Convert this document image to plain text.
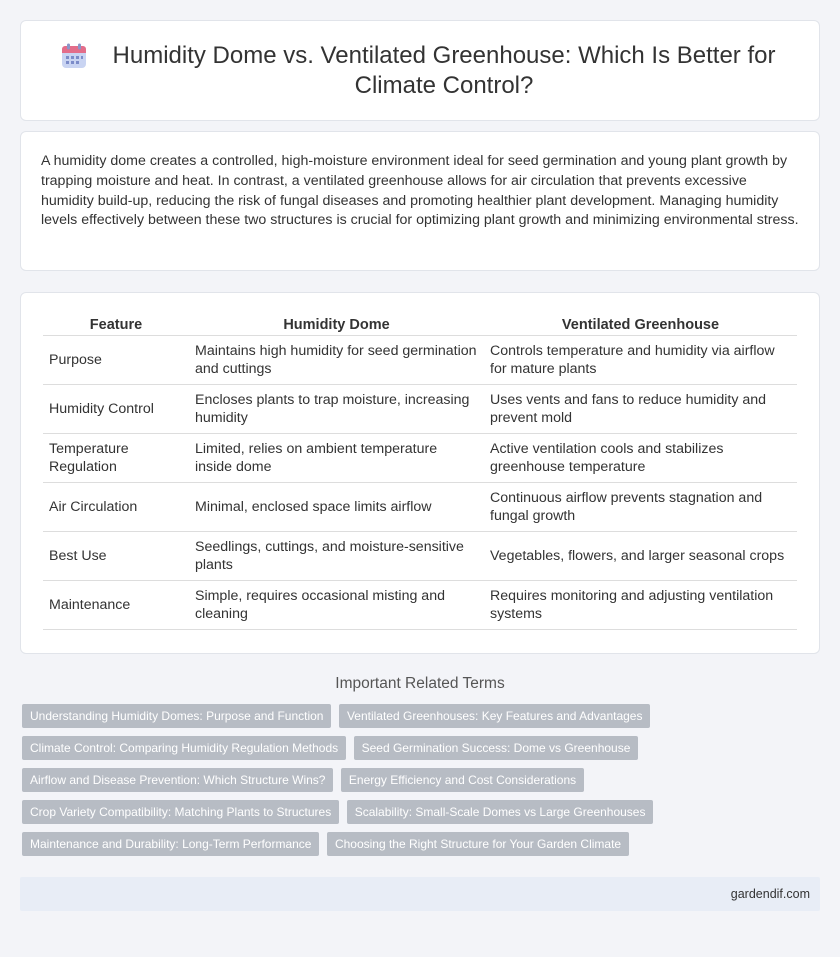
Humidity Dome vs. Ventilated Greenhouse: Which Is Better for Climate Control?
A humidity dome creates a controlled, high-moisture environment ideal for seed germination and young plant growth by trapping moisture and heat. In contrast, a ventilated greenhouse allows for air circulation that prevents excessive humidity build-up, reducing the risk of fungal diseases and promoting healthier plant development. Managing humidity levels effectively between these two structures is crucial for optimizing plant growth and minimizing environmental stress.
Feature	Humidity Dome	Ventilated Greenhouse
Purpose	Maintains high humidity for seed germination and cuttings	Controls temperature and humidity via airflow for mature plants
Humidity Control	Encloses plants to trap moisture, increasing humidity	Uses vents and fans to reduce humidity and prevent mold
Temperature Regulation	Limited, relies on ambient temperature inside dome	Active ventilation cools and stabilizes greenhouse temperature
Air Circulation	Minimal, enclosed space limits airflow	Continuous airflow prevents stagnation and fungal growth
Best Use	Seedlings, cuttings, and moisture-sensitive plants	Vegetables, flowers, and larger seasonal crops
Maintenance	Simple, requires occasional misting and cleaning	Requires monitoring and adjusting ventilation systems
Important Related Terms
Understanding Humidity Domes: Purpose and Function Ventilated Greenhouses: Key Features and Advantages Climate Control: Comparing Humidity Regulation Methods Seed Germination Success: Dome vs Greenhouse Airflow and Disease Prevention: Which Structure Wins? Energy Efficiency and Cost Considerations Crop Variety Compatibility: Matching Plants to Structures Scalability: Small-Scale Domes vs Large Greenhouses Maintenance and Durability: Long-Term Performance Choosing the Right Structure for Your Garden Climate
gardendif.com
